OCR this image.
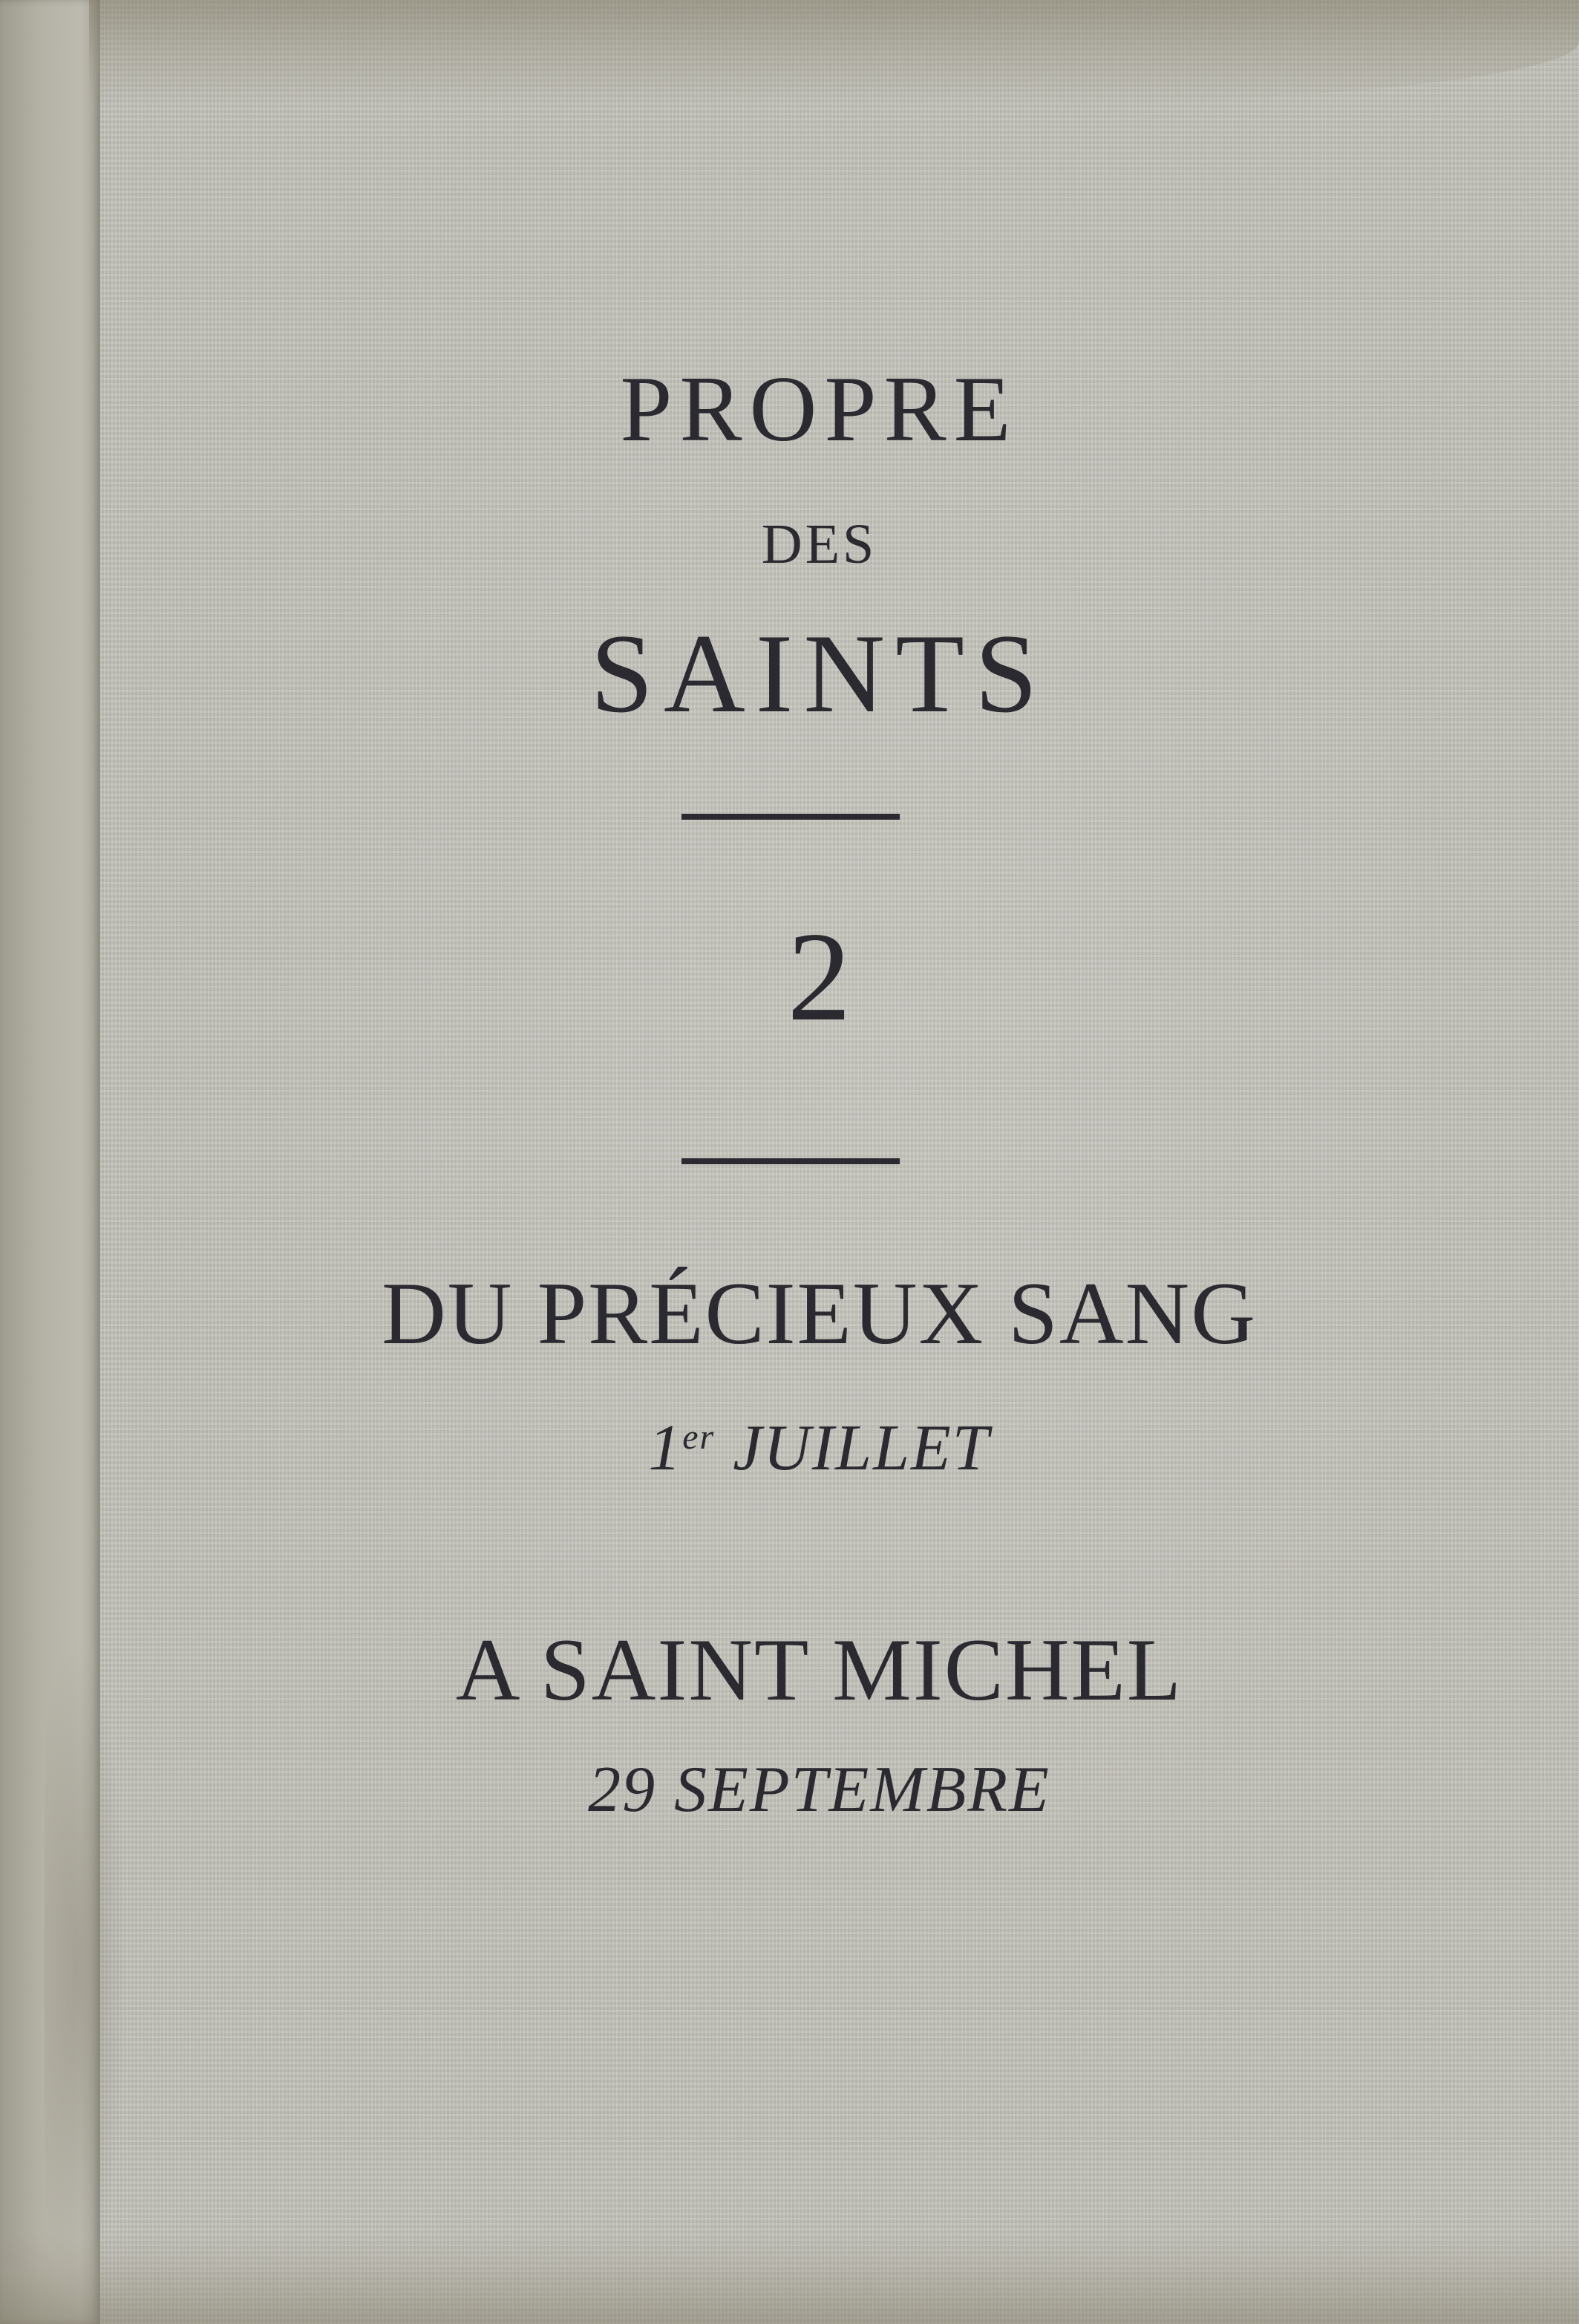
PROPRE
DES
SAINTS
2
DU PRÉCIEUX SANG
1er JUILLET
A SAINT MICHEL
29 SEPTEMBRE
